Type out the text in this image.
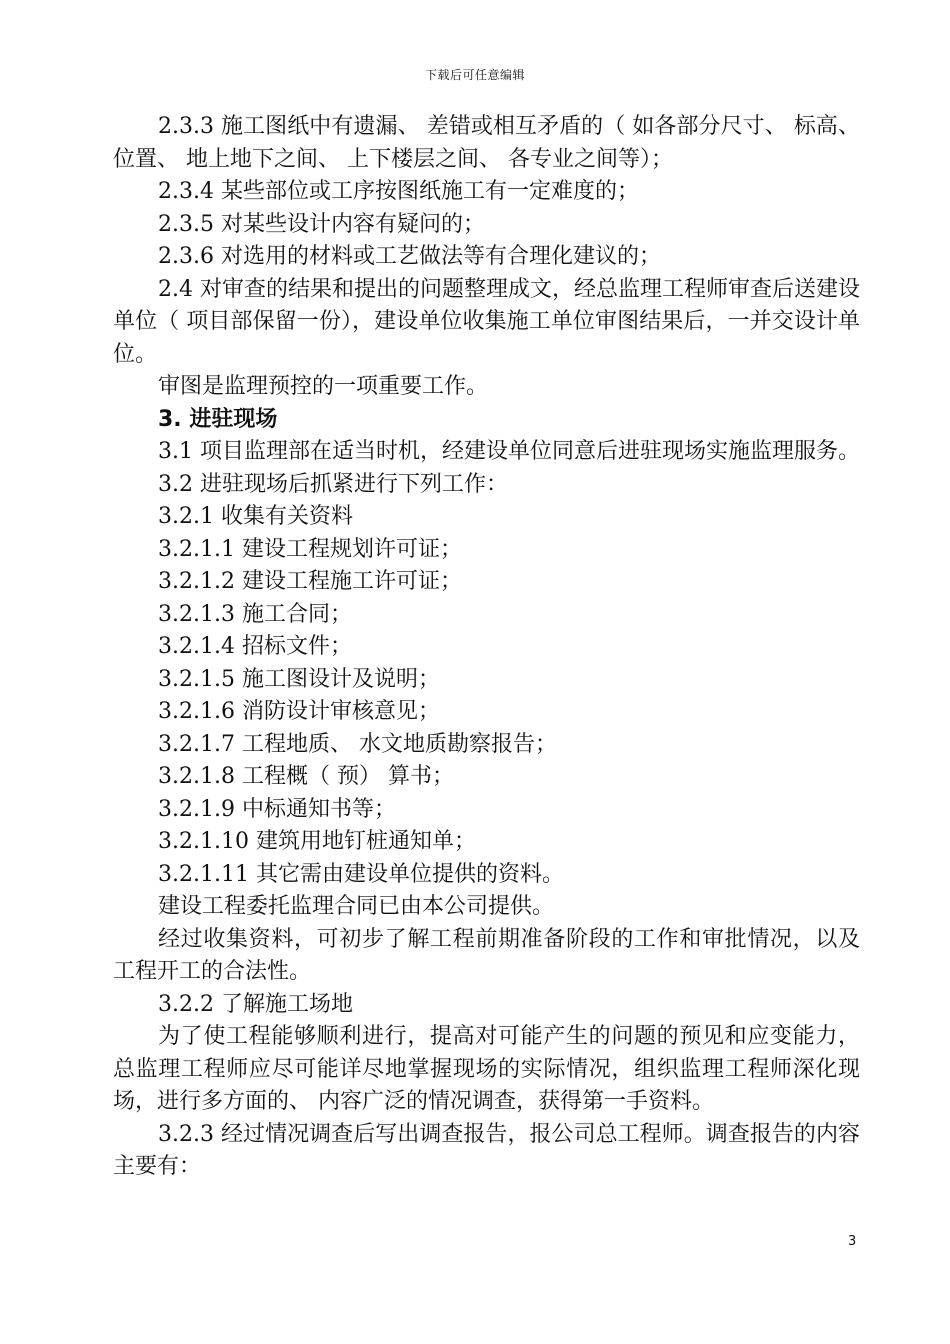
下载后可任意编辑

2.3.3 施工图纸中有遗漏、 差错或相互矛盾的（ 如各部分尺寸、 标高、 位置、 地上地下之间、 上下楼层之间、 各专业之间等）；

2.3.4 某些部位或工序按图纸施工有一定难度的；

2.3.5 对某些设计内容有疑问的；

2.3.6 对选用的材料或工艺做法等有合理化建议的；

2.4 对审查的结果和提出的问题整理成文，经总监理工程师审查后送建设单位（ 项目部保留一份），建设单位收集施工单位审图结果后，一并交设计单位。

审图是监理预控的一项重要工作。

3. 进驻现场

3.1 项目监理部在适当时机，经建设单位同意后进驻现场实施监理服务。

3.2 进驻现场后抓紧进行下列工作：

3.2.1 收集有关资料

3.2.1.1 建设工程规划许可证；

3.2.1.2 建设工程施工许可证；

3.2.1.3 施工合同；

3.2.1.4 招标文件；

3.2.1.5 施工图设计及说明；

3.2.1.6 消防设计审核意见；

3.2.1.7 工程地质、 水文地质勘察报告；

3.2.1.8 工程概（ 预） 算书；

3.2.1.9 中标通知书等；

3.2.1.10 建筑用地钉桩通知单；

3.2.1.11 其它需由建设单位提供的资料。

建设工程委托监理合同已由本公司提供。

经过收集资料，可初步了解工程前期准备阶段的工作和审批情况，以及工程开工的合法性。

3.2.2 了解施工场地

为了使工程能够顺利进行，提高对可能产生的问题的预见和应变能力，总监理工程师应尽可能详尽地掌握现场的实际情况，组织监理工程师深化现场，进行多方面的、 内容广泛的情况调查，获得第一手资料。

3.2.3 经过情况调查后写出调查报告，报公司总工程师。调查报告的内容主要有：

3
